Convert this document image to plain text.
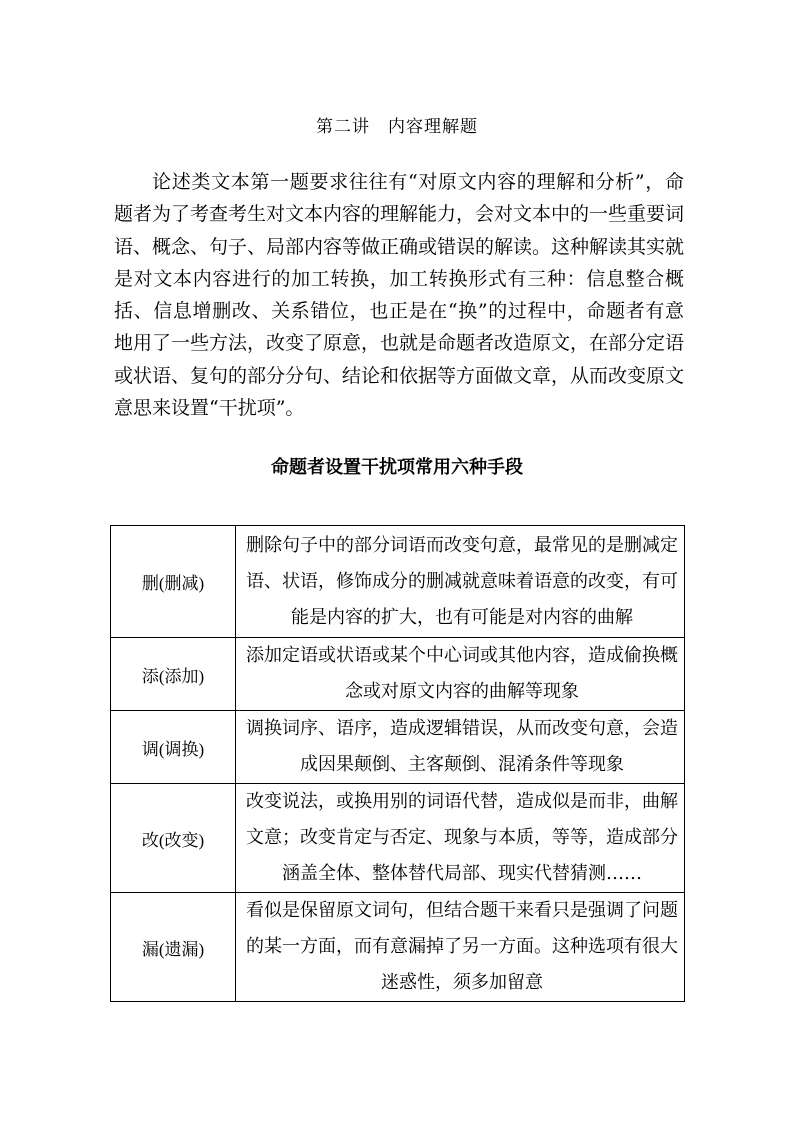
第二讲　内容理解题

论述类文本第一题要求往往有“对原文内容的理解和分析”，命题者为了考查考生对文本内容的理解能力，会对文本中的一些重要词语、概念、句子、局部内容等做正确或错误的解读。这种解读其实就是对文本内容进行的加工转换，加工转换形式有三种：信息整合概括、信息增删改、关系错位，也正是在“换”的过程中，命题者有意地用了一些方法，改变了原意，也就是命题者改造原文，在部分定语或状语、复句的部分分句、结论和依据等方面做文章，从而改变原文意思来设置“干扰项”。

命题者设置干扰项常用六种手段
删(删减)	删除句子中的部分词语而改变句意，最常见的是删减定语、状语，修饰成分的删减就意味着语意的改变，有可能是内容的扩大，也有可能是对内容的曲解
添(添加)	添加定语或状语或某个中心词或其他内容，造成偷换概念或对原文内容的曲解等现象
调(调换)	调换词序、语序，造成逻辑错误，从而改变句意，会造成因果颠倒、主客颠倒、混淆条件等现象
改(改变)	改变说法，或换用别的词语代替，造成似是而非，曲解文意；改变肯定与否定、现象与本质，等等，造成部分涵盖全体、整体替代局部、现实代替猜测……
漏(遗漏)	看似是保留原文词句，但结合题干来看只是强调了问题的某一方面，而有意漏掉了另一方面。这种选项有很大迷惑性，须多加留意
